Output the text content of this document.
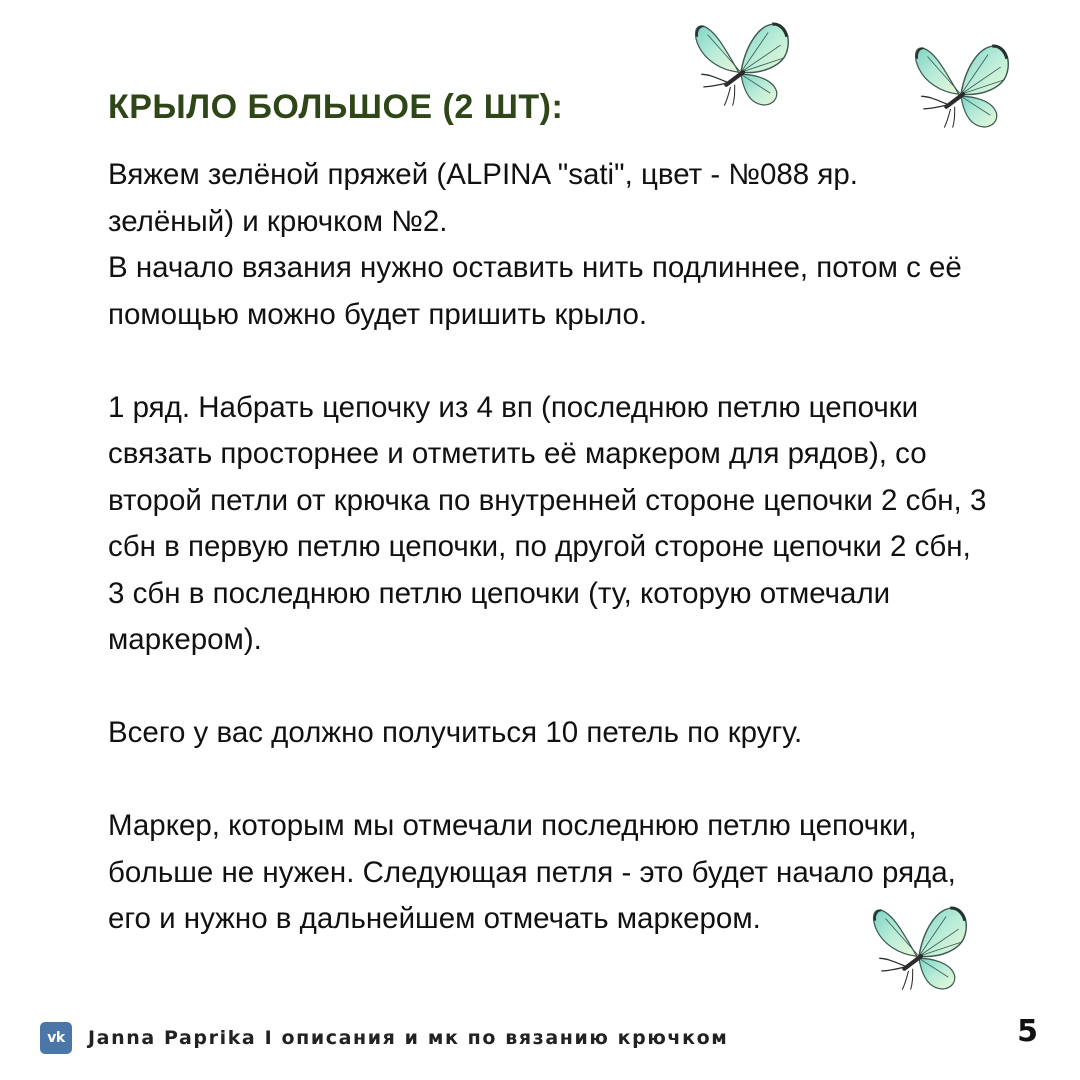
КРЫЛО БОЛЬШОЕ (2 ШТ):

Вяжем зелёной пряжей (ALPINA "sati", цвет - №088 яр. зелёный) и крючком №2.

В начало вязания нужно оставить нить подлиннее, потом с её помощью можно будет пришить крыло.

1 ряд. Набрать цепочку из 4 вп (последнюю петлю цепочки связать просторнее и отметить её маркером для рядов), со второй петли от крючка по внутренней стороне цепочки 2 сбн, 3 сбн в первую петлю цепочки, по другой стороне цепочки 2 сбн, 3 сбн в последнюю петлю цепочки (ту, которую отмечали маркером).

Всего у вас должно получиться 10 петель по кругу.

Маркер, которым мы отмечали последнюю петлю цепочки, больше не нужен. Следующая петля - это будет начало ряда, его и нужно в дальнейшем отмечать маркером.

vk	Janna Paprika I описания и мк по вязанию крючком	5
